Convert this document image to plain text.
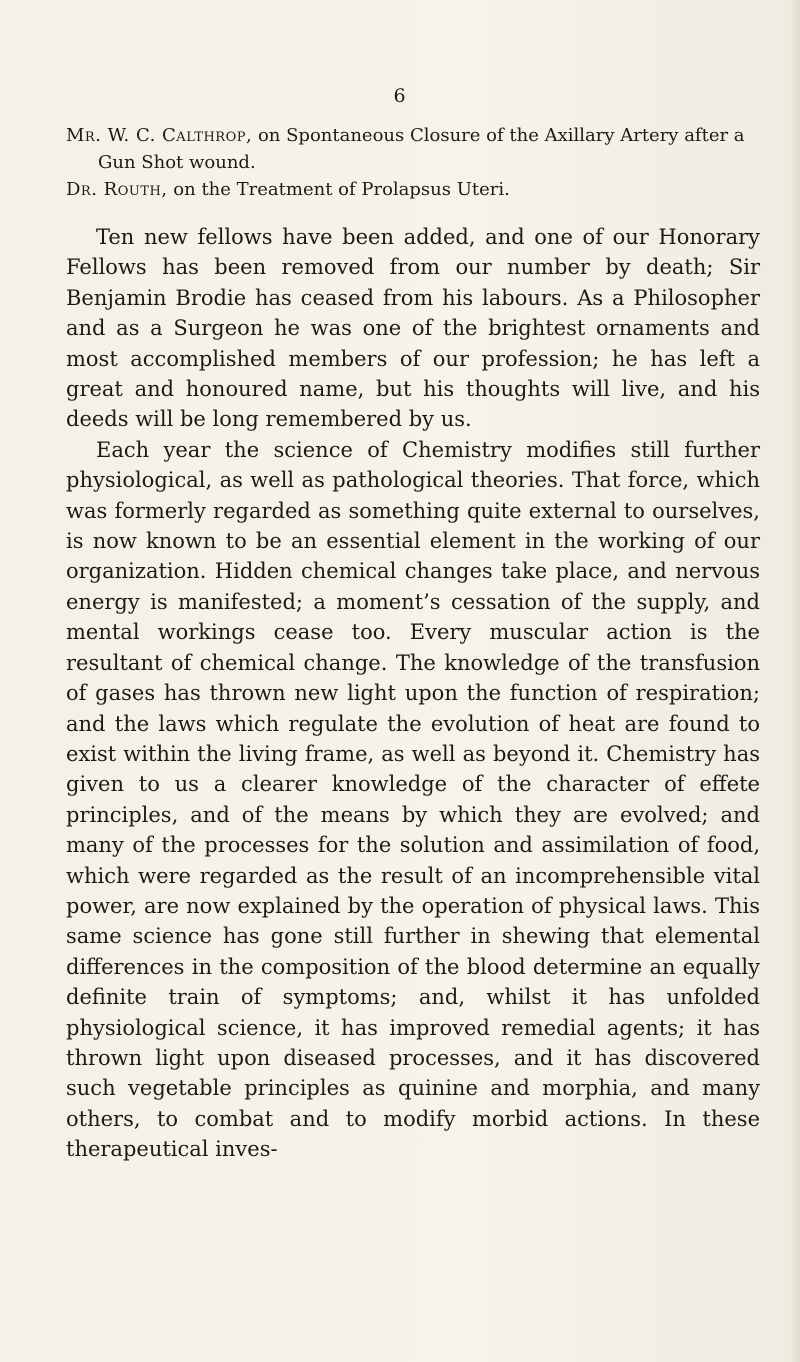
6
Mr. W. C. Calthrop, on Spontaneous Closure of the Axillary Artery after a Gun Shot wound.
Dr. Routh, on the Treatment of Prolapsus Uteri.

Ten new fellows have been added, and one of our Honorary Fellows has been removed from our number by death; Sir Benjamin Brodie has ceased from his labours. As a Philosopher and as a Surgeon he was one of the brightest ornaments and most accomplished members of our profession; he has left a great and honoured name, but his thoughts will live, and his deeds will be long remembered by us.

Each year the science of Chemistry modifies still further physiological, as well as pathological theories. That force, which was formerly regarded as something quite external to ourselves, is now known to be an essential element in the working of our organization. Hidden chemical changes take place, and nervous energy is manifested; a moment’s cessation of the supply, and mental workings cease too. Every muscular action is the resultant of chemical change. The knowledge of the transfusion of gases has thrown new light upon the function of respiration; and the laws which regulate the evolution of heat are found to exist within the living frame, as well as beyond it. Chemistry has given to us a clearer knowledge of the character of effete principles, and of the means by which they are evolved; and many of the processes for the solution and assimilation of food, which were regarded as the result of an incomprehensible vital power, are now explained by the operation of physical laws. This same science has gone still further in shewing that elemental differences in the composition of the blood determine an equally definite train of symptoms; and, whilst it has unfolded physiological science, it has improved remedial agents; it has thrown light upon diseased processes, and it has discovered such vegetable principles as quinine and morphia, and many others, to combat and to modify morbid actions. In these therapeutical inves-
